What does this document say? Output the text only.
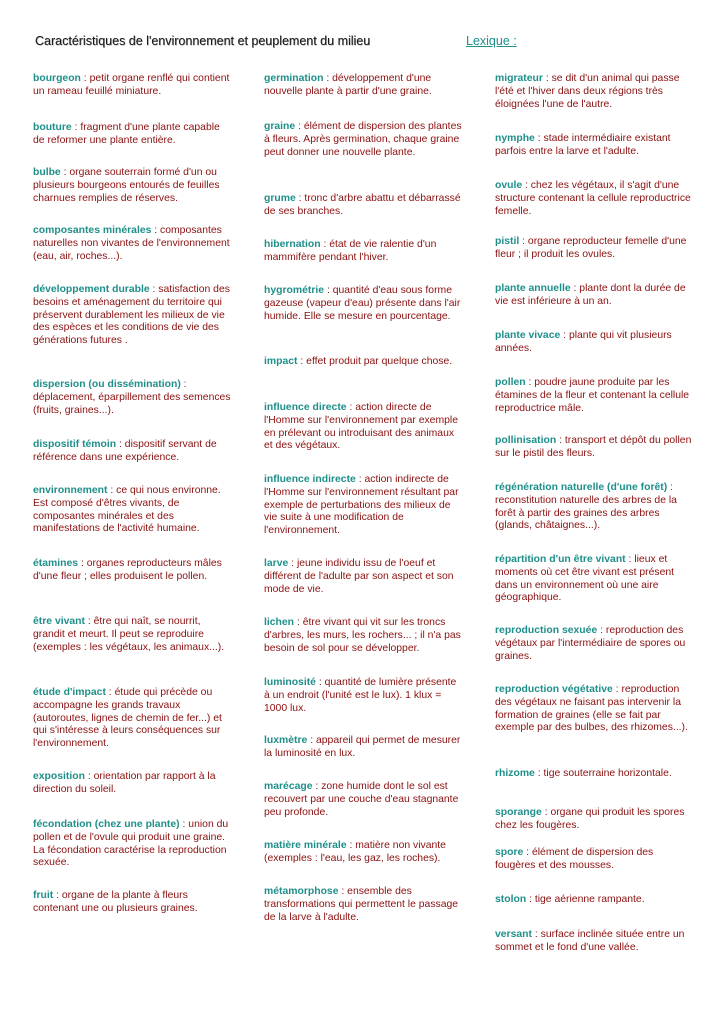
Caractéristiques de l'environnement et peuplement du milieu	Lexique :

bourgeon : petit organe renflé qui contient un rameau feuillé miniature.

bouture : fragment d'une plante capable de reformer une plante entière.

bulbe : organe souterrain formé d'un ou plusieurs bourgeons entourés de feuilles charnues remplies de réserves.

composantes minérales : composantes naturelles non vivantes de l'environnement (eau, air, roches...).

développement durable : satisfaction des besoins et aménagement du territoire qui préservent durablement les milieux de vie des espèces et les conditions de vie des générations futures .

dispersion (ou dissémination) : déplacement, éparpillement des semences (fruits, graines...).

dispositif témoin : dispositif servant de référence dans une expérience.

environnement : ce qui nous environne. Est composé d'êtres vivants, de composantes minérales et des manifestations de l'activité humaine.

étamines : organes reproducteurs mâles d'une fleur ; elles produisent le pollen.

être vivant : être qui naît, se nourrit, grandit et meurt. Il peut se reproduire (exemples : les végétaux, les animaux...).

étude d'impact : étude qui précède ou accompagne les grands travaux (autoroutes, lignes de chemin de fer...) et qui s'intéresse à leurs conséquences sur l'environnement.

exposition : orientation par rapport à la direction du soleil.

fécondation (chez une plante) : union du pollen et de l'ovule qui produit une graine. La fécondation caractérise la reproduction sexuée.

fruit : organe de la plante à fleurs contenant une ou plusieurs graines.

germination : développement d'une nouvelle plante à partir d'une graine.

graine : élément de dispersion des plantes à fleurs. Après germination, chaque graine peut donner une nouvelle plante.

grume : tronc d'arbre abattu et débarrassé de ses branches.

hibernation : état de vie ralentie d'un mammifère pendant l'hiver.

hygrométrie : quantité d'eau sous forme gazeuse (vapeur d'eau) présente dans l'air humide. Elle se mesure en pourcentage.

impact : effet produit par quelque chose.

influence directe : action directe de l'Homme sur l'environnement par exemple en prélevant ou introduisant des animaux et des végétaux.

influence indirecte : action indirecte de l'Homme sur l'environnement résultant par exemple de perturbations des milieux de vie suite à une modification de l'environnement.

larve : jeune individu issu de l'oeuf et différent de l'adulte par son aspect et son mode de vie.

lichen : être vivant qui vit sur les troncs d'arbres, les murs, les rochers... ; il n'a pas besoin de sol pour se développer.

luminosité : quantité de lumière présente à un endroit (l'unité est le lux). 1 klux = 1000 lux.

luxmètre : appareil qui permet de mesurer la luminosité en lux.

marécage : zone humide dont le sol est recouvert par une couche d'eau stagnante peu profonde.

matière minérale : matière non vivante (exemples : l'eau, les gaz, les roches).

métamorphose : ensemble des transformations qui permettent le passage de la larve à l'adulte.

migrateur : se dit d'un animal qui passe l'été et l'hiver dans deux régions très éloignées l'une de l'autre.

nymphe : stade intermédiaire existant parfois entre la larve et l'adulte.

ovule : chez les végétaux, il s'agit d'une structure contenant la cellule reproductrice femelle.

pistil : organe reproducteur femelle d'une fleur ; il produit les ovules.

plante annuelle : plante dont la durée de vie est inférieure à un an.

plante vivace : plante qui vit plusieurs années.

pollen : poudre jaune produite par les étamines de la fleur et contenant la cellule reproductrice mâle.

pollinisation : transport et dépôt du pollen sur le pistil des fleurs.

régénération naturelle (d'une forêt) : reconstitution naturelle des arbres de la forêt à partir des graines des arbres (glands, châtaignes...).

répartition d'un être vivant : lieux et moments où cet être vivant est présent dans un environnement où une aire géographique.

reproduction sexuée : reproduction des végétaux par l'intermédiaire de spores ou graines.

reproduction végétative : reproduction des végétaux ne faisant pas intervenir la formation de graines (elle se fait par exemple par des bulbes, des rhizomes...).

rhizome : tige souterraine horizontale.

sporange : organe qui produit les spores chez les fougères.

spore : élément de dispersion des fougères et des mousses.

stolon : tige aérienne rampante.

versant : surface inclinée située entre un sommet et le fond d'une vallée.
